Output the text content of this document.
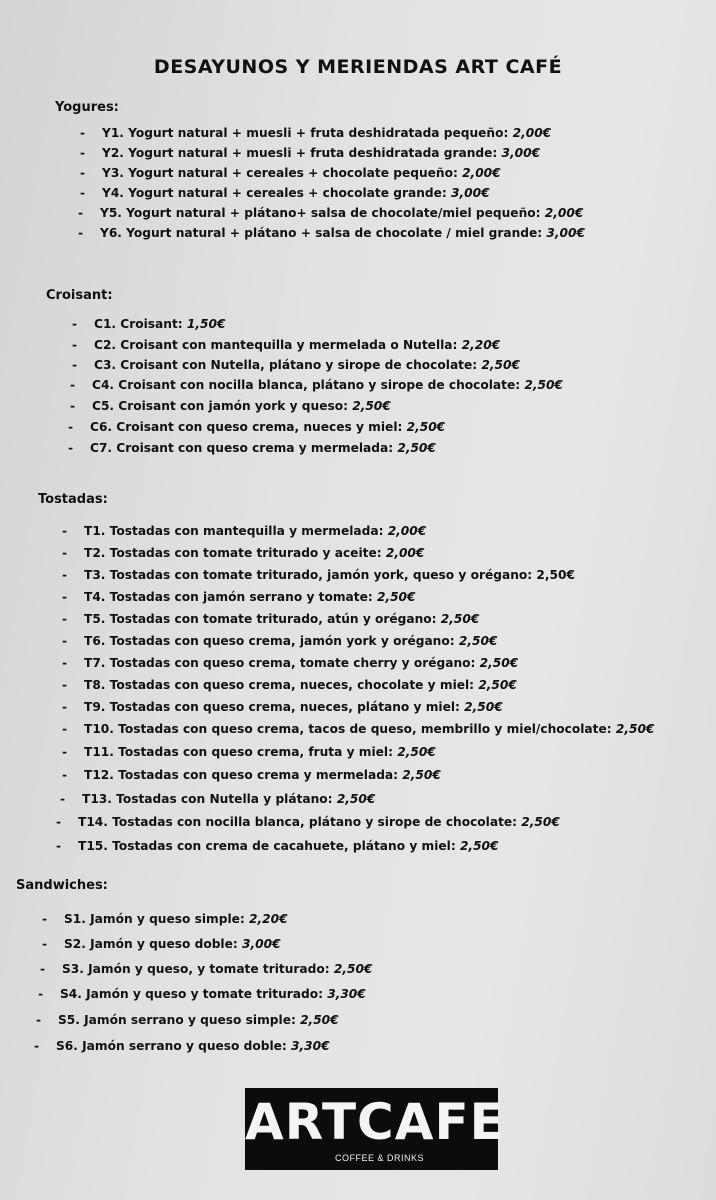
DESAYUNOS Y MERIENDAS ART CAFÉ
Yogures:
- Y1. Yogurt natural + muesli + fruta deshidratada pequeño: 2,00€
- Y2. Yogurt natural + muesli + fruta deshidratada grande: 3,00€
- Y3. Yogurt natural + cereales + chocolate pequeño: 2,00€
- Y4. Yogurt natural + cereales + chocolate grande: 3,00€
- Y5. Yogurt natural + plátano+ salsa de chocolate/miel pequeño: 2,00€
- Y6. Yogurt natural + plátano + salsa de chocolate / miel grande: 3,00€
Croisant:
- C1. Croisant: 1,50€
- C2. Croisant con mantequilla y mermelada o Nutella: 2,20€
- C3. Croisant con Nutella, plátano y sirope de chocolate: 2,50€
- C4. Croisant con nocilla blanca, plátano y sirope de chocolate: 2,50€
- C5. Croisant con jamón york y queso: 2,50€
- C6. Croisant con queso crema, nueces y miel: 2,50€
- C7. Croisant con queso crema y mermelada: 2,50€
Tostadas:
- T1. Tostadas con mantequilla y mermelada: 2,00€
- T2. Tostadas con tomate triturado y aceite: 2,00€
- T3. Tostadas con tomate triturado, jamón york, queso y orégano: 2,50€
- T4. Tostadas con jamón serrano y tomate: 2,50€
- T5. Tostadas con tomate triturado, atún y orégano: 2,50€
- T6. Tostadas con queso crema, jamón york y orégano: 2,50€
- T7. Tostadas con queso crema, tomate cherry y orégano: 2,50€
- T8. Tostadas con queso crema, nueces, chocolate y miel: 2,50€
- T9. Tostadas con queso crema, nueces, plátano y miel: 2,50€
- T10. Tostadas con queso crema, tacos de queso, membrillo y miel/chocolate: 2,50€
- T11. Tostadas con queso crema, fruta y miel: 2,50€
- T12. Tostadas con queso crema y mermelada: 2,50€
- T13. Tostadas con Nutella y plátano: 2,50€
- T14. Tostadas con nocilla blanca, plátano y sirope de chocolate: 2,50€
- T15. Tostadas con crema de cacahuete, plátano y miel: 2,50€
Sandwiches:
- S1. Jamón y queso simple: 2,20€
- S2. Jamón y queso doble: 3,00€
- S3. Jamón y queso, y tomate triturado: 2,50€
- S4. Jamón y queso y tomate triturado: 3,30€
- S5. Jamón serrano y queso simple: 2,50€
- S6. Jamón serrano y queso doble: 3,30€
ARTCAFE
COFFEE & DRINKS
